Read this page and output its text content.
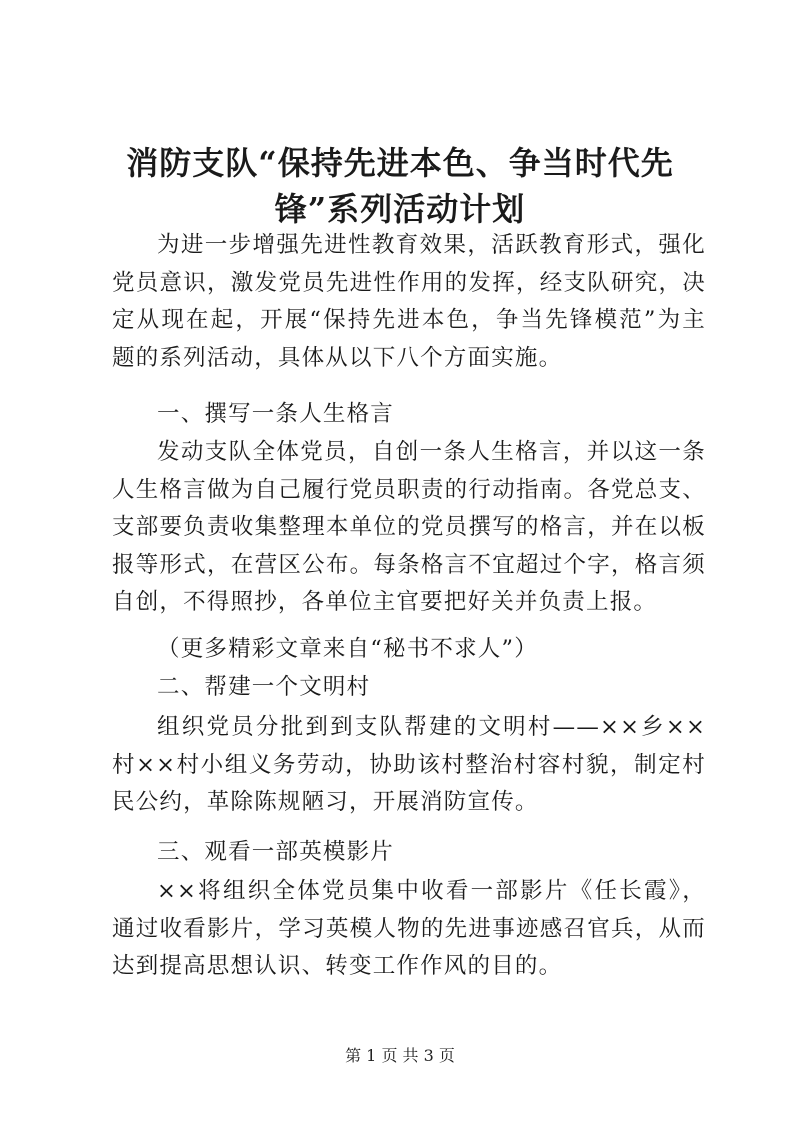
消防支队“保持先进本色、争当时代先锋”系列活动计划
为进一步增强先进性教育效果，活跃教育形式，强化党员意识，激发党员先进性作用的发挥，经支队研究，决定从现在起，开展“保持先进本色，争当先锋模范”为主题的系列活动，具体从以下八个方面实施。
一、撰写一条人生格言
发动支队全体党员，自创一条人生格言，并以这一条人生格言做为自己履行党员职责的行动指南。各党总支、支部要负责收集整理本单位的党员撰写的格言，并在以板报等形式，在营区公布。每条格言不宜超过个字，格言须自创，不得照抄，各单位主官要把好关并负责上报。
（更多精彩文章来自“秘书不求人”）
二、帮建一个文明村
组织党员分批到到支队帮建的文明村——××乡××村××村小组义务劳动，协助该村整治村容村貌，制定村民公约，革除陈规陋习，开展消防宣传。
三、观看一部英模影片
××将组织全体党员集中收看一部影片《任长霞》，通过收看影片，学习英模人物的先进事迹感召官兵，从而达到提高思想认识、转变工作作风的目的。
第 1 页 共 3 页
